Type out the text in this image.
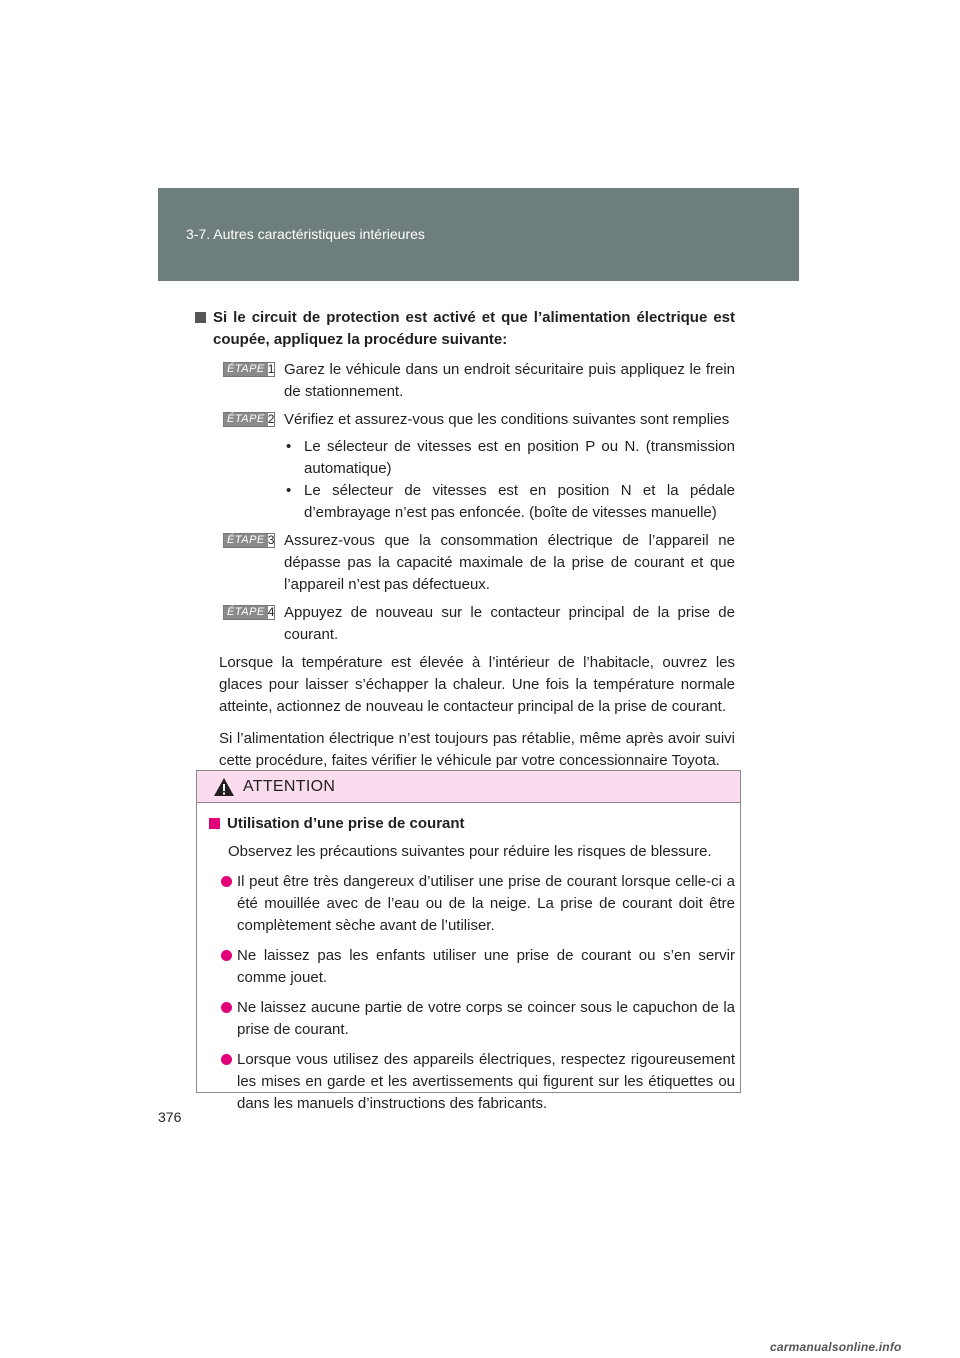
3-7. Autres caractéristiques intérieures
Si le circuit de protection est activé et que l’alimentation électrique est coupée, appliquez la procédure suivante:
ÉTAPE 1 Garez le véhicule dans un endroit sécuritaire puis appliquez le frein de stationnement.
ÉTAPE 2 Vérifiez et assurez-vous que les conditions suivantes sont remplies
• Le sélecteur de vitesses est en position P ou N. (transmission automatique)
• Le sélecteur de vitesses est en position N et la pédale d’embrayage n’est pas enfoncée. (boîte de vitesses manuelle)
ÉTAPE 3 Assurez-vous que la consommation électrique de l’appareil ne dépasse pas la capacité maximale de la prise de courant et que l’appareil n’est pas défectueux.
ÉTAPE 4 Appuyez de nouveau sur le contacteur principal de la prise de courant.

Lorsque la température est élevée à l’intérieur de l’habitacle, ouvrez les glaces pour laisser s’échapper la chaleur. Une fois la température normale atteinte, actionnez de nouveau le contacteur principal de la prise de courant.

Si l’alimentation électrique n’est toujours pas rétablie, même après avoir suivi cette procédure, faites vérifier le véhicule par votre concessionnaire Toyota.

ATTENTION
Utilisation d’une prise de courant
Observez les précautions suivantes pour réduire les risques de blessure.
Il peut être très dangereux d’utiliser une prise de courant lorsque celle-ci a été mouillée avec de l’eau ou de la neige. La prise de courant doit être complètement sèche avant de l’utiliser.
Ne laissez pas les enfants utiliser une prise de courant ou s’en servir comme jouet.
Ne laissez aucune partie de votre corps se coincer sous le capuchon de la prise de courant.
Lorsque vous utilisez des appareils électriques, respectez rigoureusement les mises en garde et les avertissements qui figurent sur les étiquettes ou dans les manuels d’instructions des fabricants.
376
carmanualsonline.info
